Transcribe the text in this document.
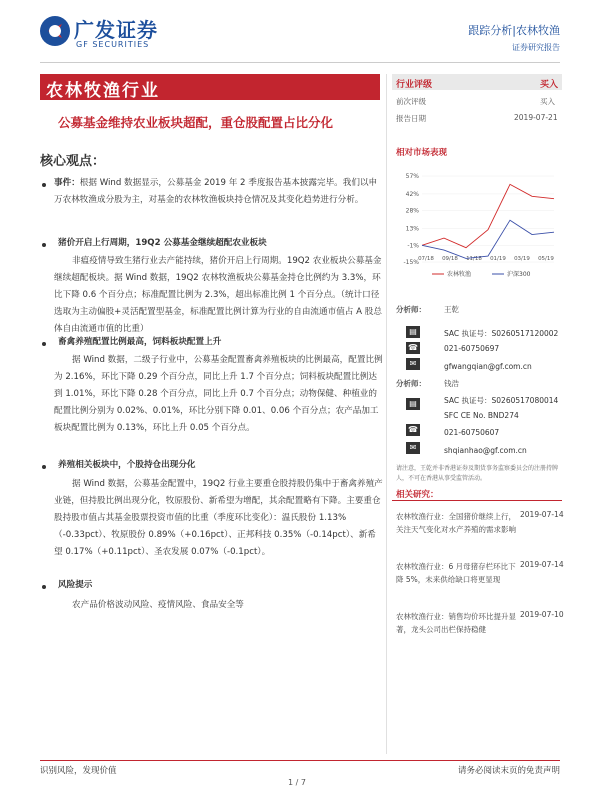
广发证券
GF SECURITIES
跟踪分析|农林牧渔
证券研究报告
农林牧渔行业
公募基金维持农业板块超配，重仓股配置占比分化
核心观点：
事件：根据 Wind 数据显示，公募基金 2019 年 2 季度报告基本披露完毕。我们以申万农林牧渔成分股为主，对基金的农林牧渔板块持仓情况及其变化趋势进行分析。
猪价开启上行周期，19Q2 公募基金继续超配农业板块
非瘟疫情导致生猪行业去产能持续，猪价开启上行周期。19Q2 农业板块公募基金继续超配板块。据 Wind 数据，19Q2 农林牧渔板块公募基金持仓比例约为 3.3%，环比下降 0.6 个百分点；标准配置比例为 2.3%，超出标准比例 1 个百分点。（统计口径选取为主动偏股+灵活配置型基金，标准配置比例计算为行业的自由流通市值占 A 股总体自由流通市值的比重）
畜禽养殖配置比例最高，饲料板块配置上升
据 Wind 数据，二级子行业中，公募基金配置畜禽养殖板块的比例最高，配置比例为 2.16%，环比下降 0.29 个百分点，同比上升 1.7 个百分点；饲料板块配置比例达到 1.01%，环比下降 0.28 个百分点，同比上升 0.7 个百分点；动物保健、种植业的配置比例分别为 0.02%、0.01%，环比分别下降 0.01、0.06 个百分点；农产品加工板块配置比例为 0.13%，环比上升 0.05 个百分点。
养殖相关板块中，个股持仓出现分化
据 Wind 数据，公募基金配置中，19Q2 行业主要重仓股持股仍集中于畜禽养殖产业链，但持股比例出现分化，牧原股份、新希望为增配，其余配置略有下降。主要重仓股持股市值占其基金股票投资市值的比重（季度环比变化）：温氏股份 1.13%（-0.33pct）、牧原股份 0.89%（+0.16pct）、正邦科技 0.35%（-0.14pct）、新希望 0.17%（+0.11pct）、圣农发展 0.07%（-0.1pct）。
风险提示
农产品价格波动风险、疫情风险、食品安全等
行业评级	买入
前次评级	买入
报告日期	2019-07-21
相对市场表现
57%
42%
28%
13%
-1%
-15% 07/18 09/18 11/18 01/19 03/19 05/19
农林牧渔	沪深300
分析师： 王乾
▤	SAC 执证号：S0260517120002
☎	021-60750697
✉	gfwangqian@gf.com.cn
分析师： 钱浩
▤	SAC 执证号：S0260517080014
SFC CE No. BND274
☎	021-60750607
✉	shqianhao@gf.com.cn
请注意，王乾并非香港证券及期货事务监察委员会的注册持牌人，不可在香港从事受监管活动。
相关研究：
农林牧渔行业：全国猪价继续上行，关注天气变化对水产养殖的需求影响
2019-07-14
农林牧渔行业：6 月母猪存栏环比下降 5%，未来供给缺口将更显现
2019-07-14
农林牧渔行业：销售均价环比提升显著，龙头公司出栏保持稳健
2019-07-10
识别风险，发现价值	请务必阅读末页的免责声明
1 / 7
